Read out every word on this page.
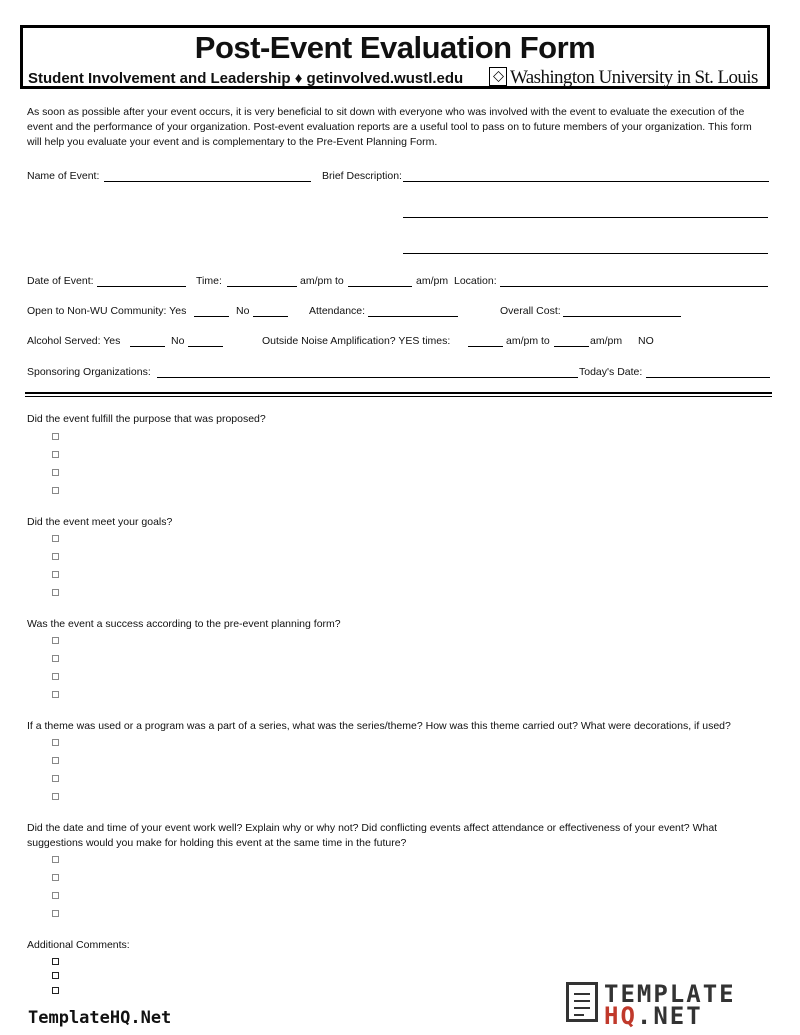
Post-Event Evaluation Form
Student Involvement and Leadership ♦ getinvolved.wustl.edu	Washington University in St. Louis
As soon as possible after your event occurs, it is very beneficial to sit down with everyone who was involved with the event to evaluate the execution of the event and the performance of your organization. Post-event evaluation reports are a useful tool to pass on to future members of your organization. This form will help you evaluate your event and is complementary to the Pre-Event Planning Form.
Name of Event:	Brief Description:
Date of Event:	Time:	am/pm to	am/pm Location:
Open to Non-WU Community: Yes	No	Attendance:	Overall Cost:
Alcohol Served: Yes	No	Outside Noise Amplification? YES times:	am/pm to	am/pm NO
Sponsoring Organizations:	Today's Date:
Did the event fulfill the purpose that was proposed?
Did the event meet your goals?
Was the event a success according to the pre-event planning form?
If a theme was used or a program was a part of a series, what was the series/theme? How was this theme carried out? What were decorations, if used?
Did the date and time of your event work well? Explain why or why not? Did conflicting events affect attendance or effectiveness of your event? What suggestions would you make for holding this event at the same time in the future?
Additional Comments:
TemplateHQ.Net
TEMPLATE
HQ.NET
